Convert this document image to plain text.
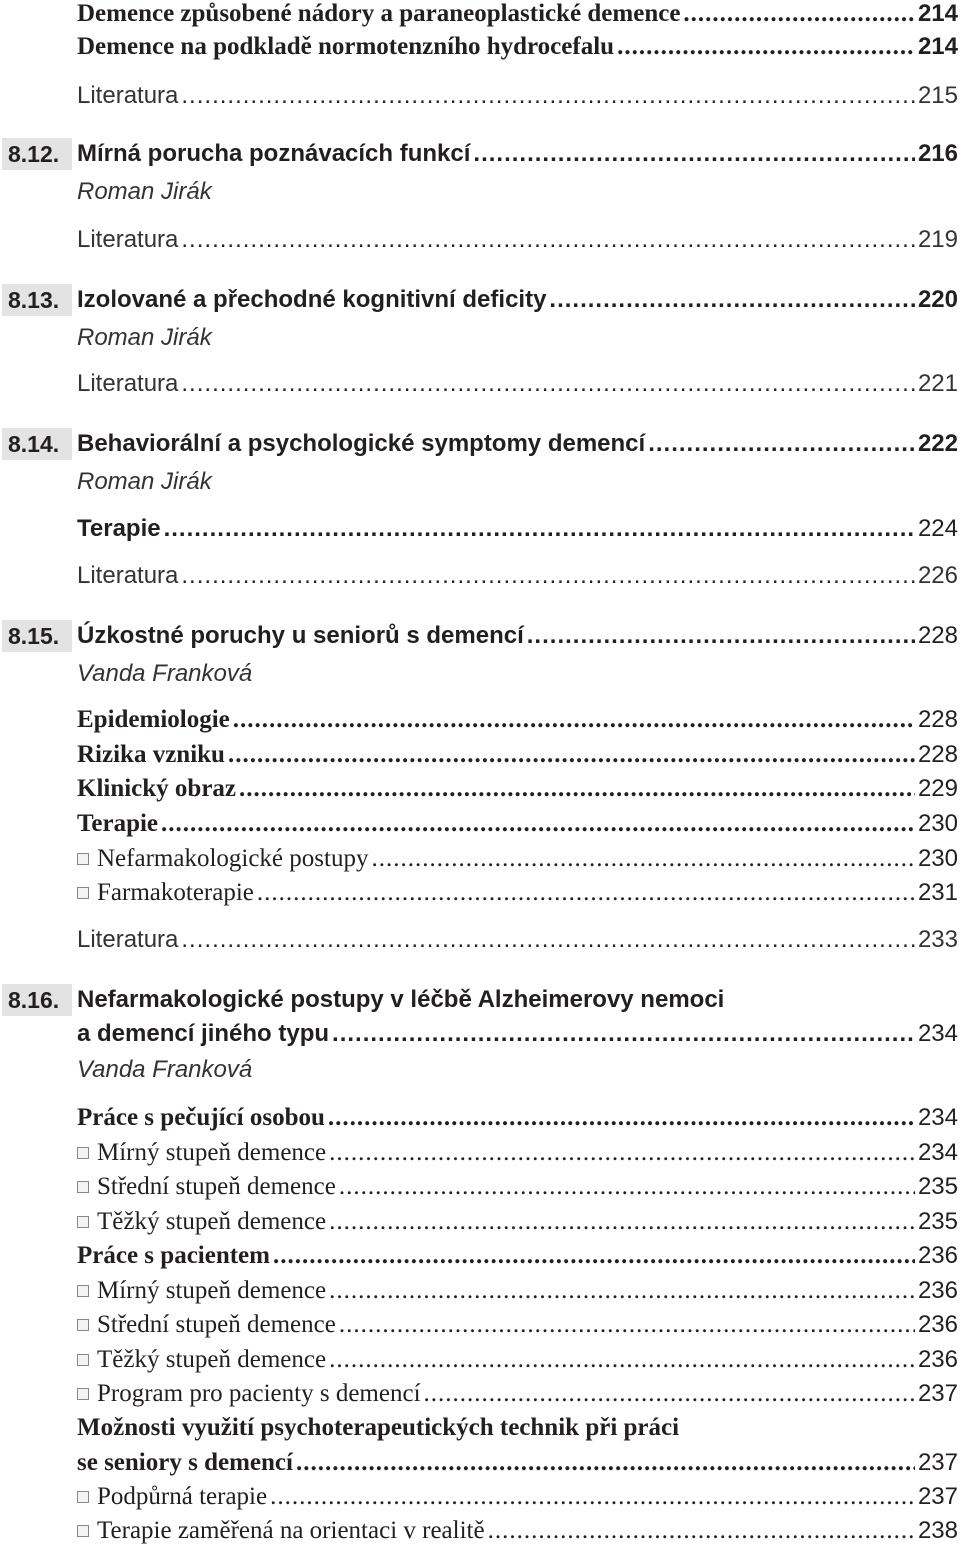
Demence způsobené nádory a paraneoplastické demence .....	214
Demence na podkladě normotenzního hydrocefalu .....	214
Literatura .....	215
8.12. Mírná porucha poznávacích funkcí .....	216
Roman Jirák
Literatura .....	219
8.13. Izolované a přechodné kognitivní deficity .....	220
Roman Jirák
Literatura .....	221
8.14. Behaviorální a psychologické symptomy demencí .....	222
Roman Jirák
Terapie .....	224
Literatura .....	226
8.15. Úzkostné poruchy u seniorů s demencí .....	228
Vanda Franková
Epidemiologie .....	228
Rizika vzniku .....	228
Klinický obraz .....	229
Terapie .....	230
Nefarmakologické postupy .....	230
Farmakoterapie .....	231
Literatura .....	233
8.16. Nefarmakologické postupy v léčbě Alzheimerovy nemoci
a demencí jiného typu .....	234
Vanda Franková
Práce s pečující osobou .....	234
Mírný stupeň demence .....	234
Střední stupeň demence .....	235
Těžký stupeň demence .....	235
Práce s pacientem .....	236
Mírný stupeň demence .....	236
Střední stupeň demence .....	236
Těžký stupeň demence .....	236
Program pro pacienty s demencí .....	237
Možnosti využití psychoterapeutických technik při práci
se seniory s demencí .....	237
Podpůrná terapie .....	237
Terapie zaměřená na orientaci v realitě .....	238
